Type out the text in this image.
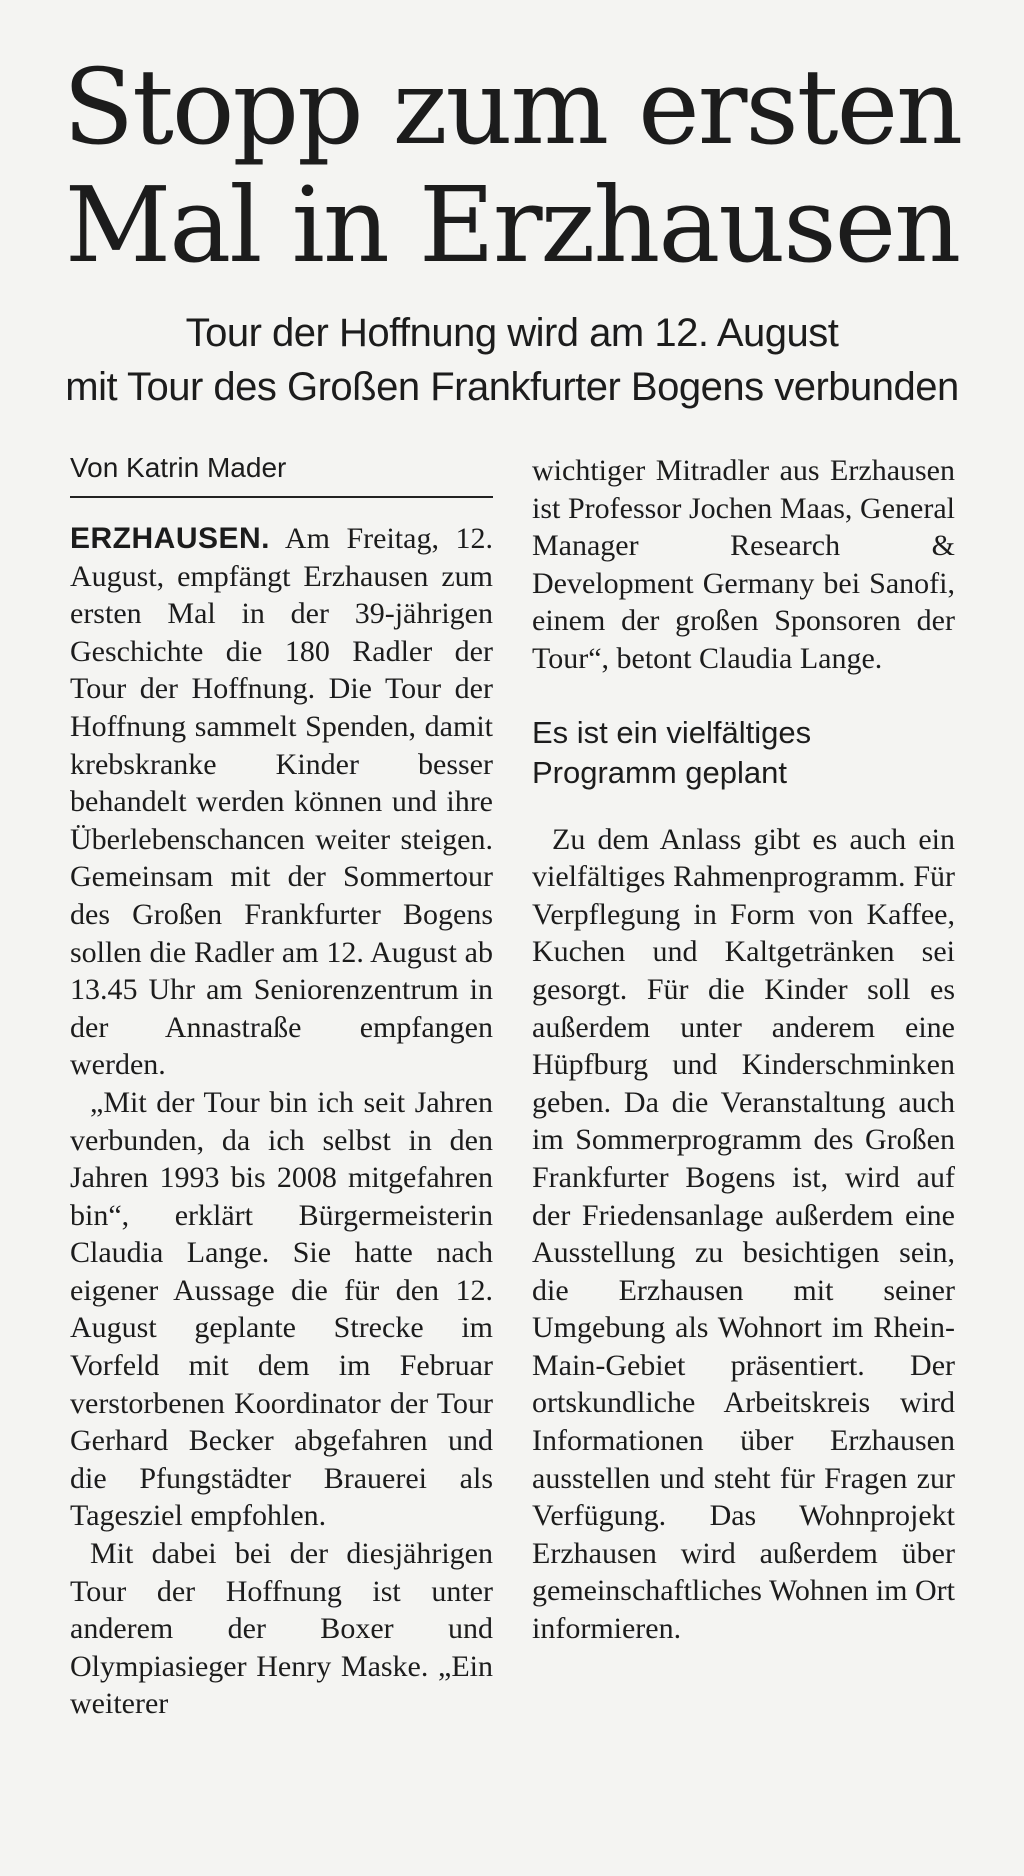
Stopp zum ersten
Mal in Erzhausen
Tour der Hoffnung wird am 12. August
mit Tour des Großen Frankfurter Bogens verbunden
Von Katrin Mader

ERZHAUSEN. Am Freitag, 12. August, empfängt Erzhausen zum ersten Mal in der 39-jährigen Geschichte die 180 Radler der Tour der Hoffnung. Die Tour der Hoffnung sammelt Spenden, damit krebskranke Kinder besser behandelt werden können und ihre Überlebenschancen weiter steigen. Gemeinsam mit der Sommertour des Großen Frankfurter Bogens sollen die Radler am 12. August ab 13.45 Uhr am Seniorenzentrum in der Annastraße empfangen werden.

„Mit der Tour bin ich seit Jahren verbunden, da ich selbst in den Jahren 1993 bis 2008 mitgefahren bin“, erklärt Bürgermeisterin Claudia Lange. Sie hatte nach eigener Aussage die für den 12. August geplante Strecke im Vorfeld mit dem im Februar verstorbenen Koordinator der Tour Gerhard Becker abgefahren und die Pfungstädter Brauerei als Tagesziel empfohlen.

Mit dabei bei der diesjährigen Tour der Hoffnung ist unter anderem der Boxer und Olympiasieger Henry Maske. „Ein weiterer

wichtiger Mitradler aus Erzhausen ist Professor Jochen Maas, General Manager Research & Development Germany bei Sanofi, einem der großen Sponsoren der Tour“, betont Claudia Lange.

Es ist ein vielfältiges Programm geplant

Zu dem Anlass gibt es auch ein vielfältiges Rahmenprogramm. Für Verpflegung in Form von Kaffee, Kuchen und Kaltgetränken sei gesorgt. Für die Kinder soll es außerdem unter anderem eine Hüpfburg und Kinderschminken geben. Da die Veranstaltung auch im Sommerprogramm des Großen Frankfurter Bogens ist, wird auf der Friedensanlage außerdem eine Ausstellung zu besichtigen sein, die Erzhausen mit seiner Umgebung als Wohnort im Rhein-Main-Gebiet präsentiert. Der ortskundliche Arbeitskreis wird Informationen über Erzhausen ausstellen und steht für Fragen zur Verfügung. Das Wohnprojekt Erzhausen wird außerdem über gemeinschaftliches Wohnen im Ort informieren.
